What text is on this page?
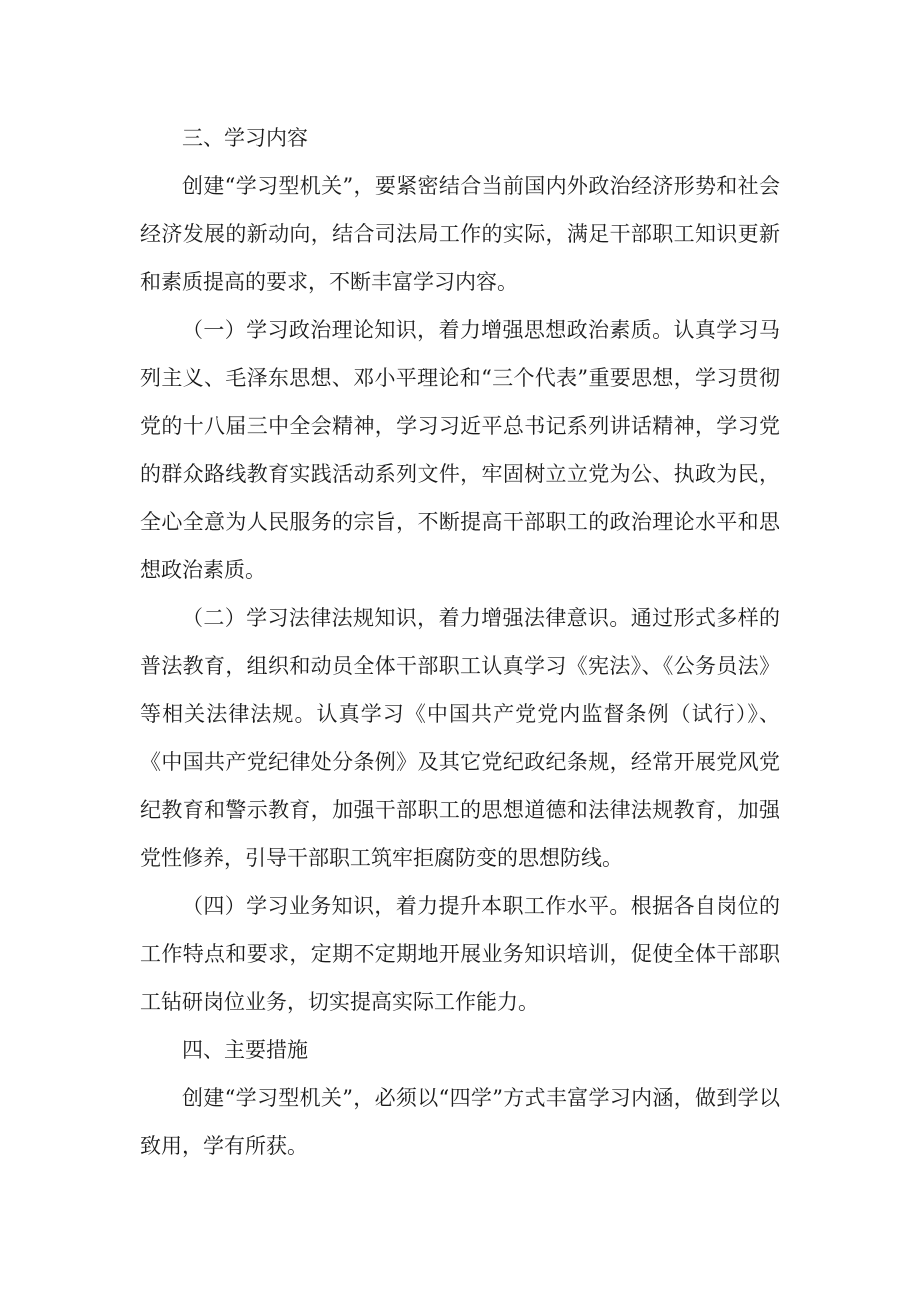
三、学习内容

创建“学习型机关”，要紧密结合当前国内外政治经济形势和社会经济发展的新动向，结合司法局工作的实际，满足干部职工知识更新和素质提高的要求，不断丰富学习内容。

（一）学习政治理论知识，着力增强思想政治素质。认真学习马列主义、毛泽东思想、邓小平理论和“三个代表”重要思想，学习贯彻党的十八届三中全会精神，学习习近平总书记系列讲话精神，学习党的群众路线教育实践活动系列文件，牢固树立立党为公、执政为民，全心全意为人民服务的宗旨，不断提高干部职工的政治理论水平和思想政治素质。

（二）学习法律法规知识，着力增强法律意识。通过形式多样的普法教育，组织和动员全体干部职工认真学习《宪法》、《公务员法》等相关法律法规。认真学习《中国共产党党内监督条例（试行）》、《中国共产党纪律处分条例》及其它党纪政纪条规，经常开展党风党纪教育和警示教育，加强干部职工的思想道德和法律法规教育，加强党性修养，引导干部职工筑牢拒腐防变的思想防线。

（四）学习业务知识，着力提升本职工作水平。根据各自岗位的工作特点和要求，定期不定期地开展业务知识培训，促使全体干部职工钻研岗位业务，切实提高实际工作能力。

四、主要措施

创建“学习型机关”，必须以“四学”方式丰富学习内涵，做到学以致用，学有所获。
